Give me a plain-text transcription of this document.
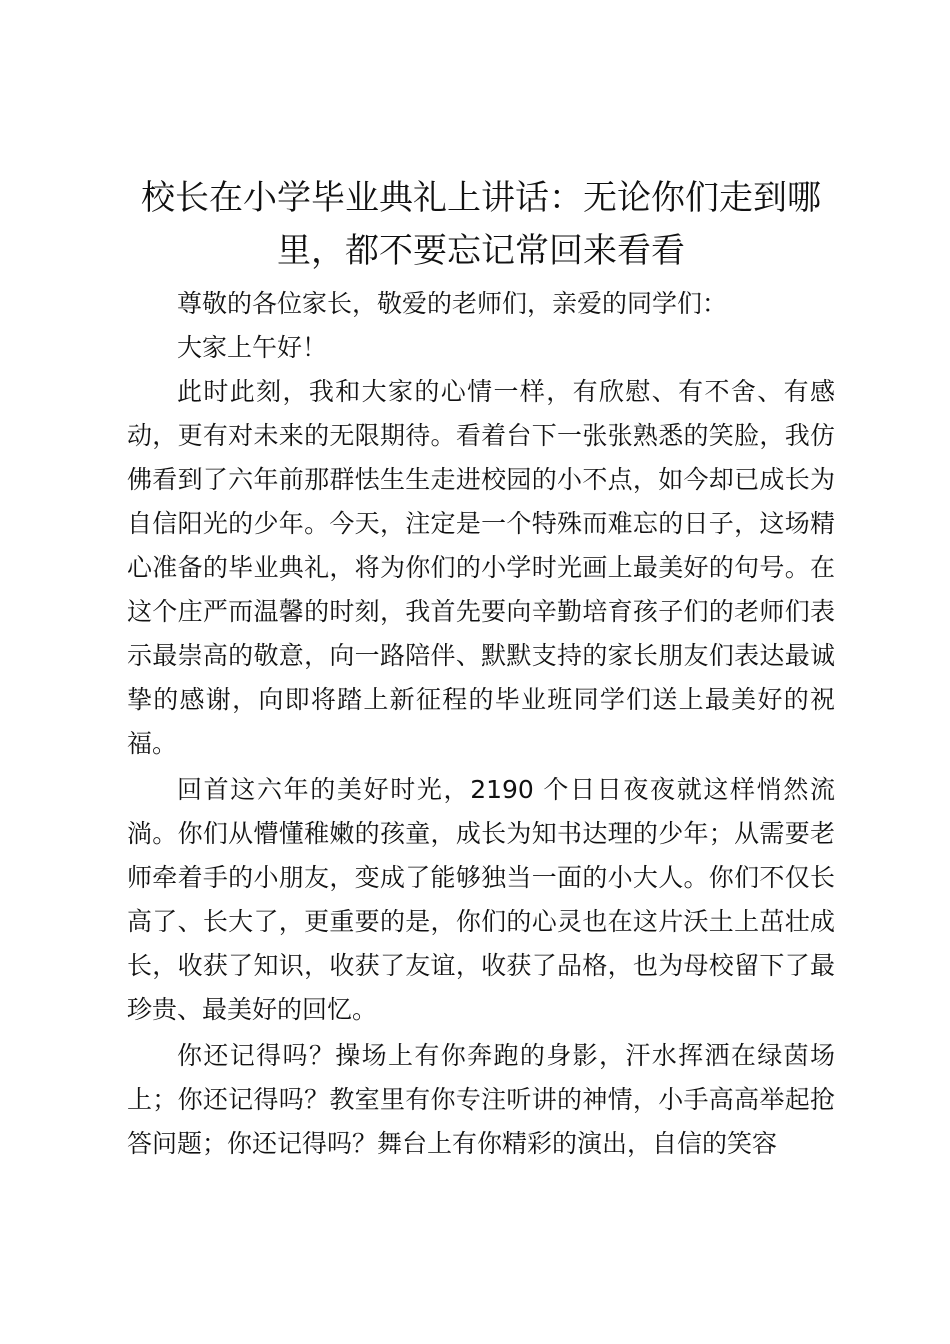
校长在小学毕业典礼上讲话：无论你们走到哪里，都不要忘记常回来看看

尊敬的各位家长，敬爱的老师们，亲爱的同学们：

大家上午好！

此时此刻，我和大家的心情一样，有欣慰、有不舍、有感动，更有对未来的无限期待。看着台下一张张熟悉的笑脸，我仿佛看到了六年前那群怯生生走进校园的小不点，如今却已成长为自信阳光的少年。今天，注定是一个特殊而难忘的日子，这场精心准备的毕业典礼，将为你们的小学时光画上最美好的句号。在这个庄严而温馨的时刻，我首先要向辛勤培育孩子们的老师们表示最崇高的敬意，向一路陪伴、默默支持的家长朋友们表达最诚挚的感谢，向即将踏上新征程的毕业班同学们送上最美好的祝福。

回首这六年的美好时光，2190 个日日夜夜就这样悄然流淌。你们从懵懂稚嫩的孩童，成长为知书达理的少年；从需要老师牵着手的小朋友，变成了能够独当一面的小大人。你们不仅长高了、长大了，更重要的是，你们的心灵也在这片沃土上茁壮成长，收获了知识，收获了友谊，收获了品格，也为母校留下了最珍贵、最美好的回忆。

你还记得吗？操场上有你奔跑的身影，汗水挥洒在绿茵场上；你还记得吗？教室里有你专注听讲的神情，小手高高举起抢答问题；你还记得吗？舞台上有你精彩的演出，自信的笑容
